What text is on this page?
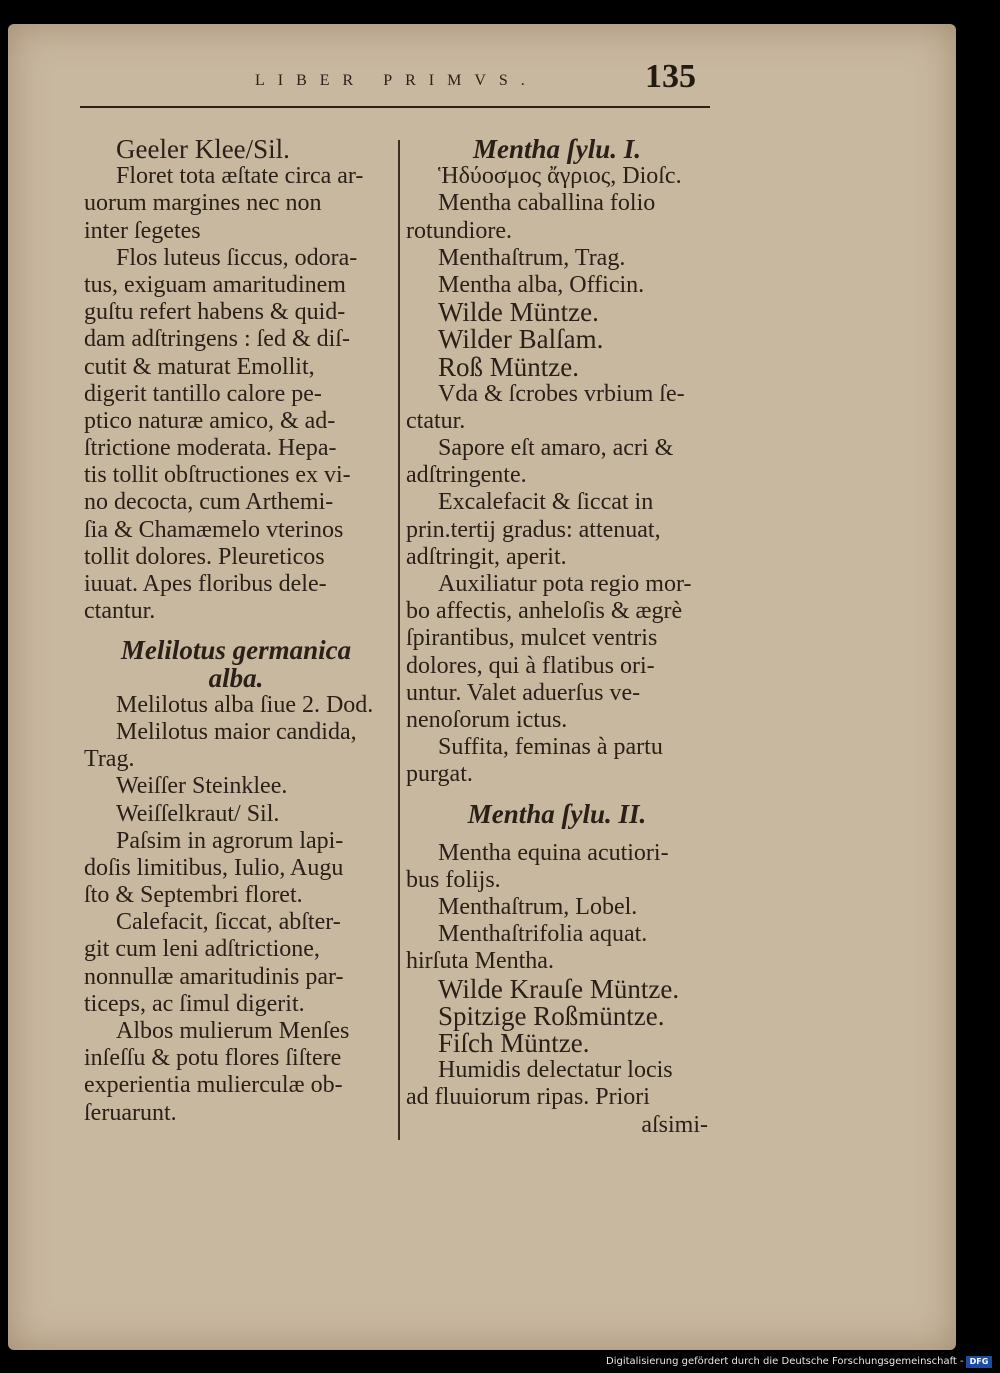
LIBER PRIMVS.	135
Geeler Klee/Sil.
Floret tota æſtate circa ar-
uorum margines nec non
inter ſegetes
Flos luteus ſiccus, odora-
tus, exiguam amaritudinem
guſtu refert habens & quid-
dam adſtringens : ſed & diſ-
cutit & maturat Emollit,
digerit tantillo calore pe-
ptico naturæ amico, & ad-
ſtrictione moderata. Hepa-
tis tollit obſtructiones ex vi-
no decocta, cum Arthemi-
ſia & Chamæmelo vterinos
tollit dolores. Pleureticos
iuuat. Apes floribus dele-
ctantur.
Melilotus germanica
alba.
Melilotus alba ſiue 2. Dod.
Melilotus maior candida,
Trag.
Weiſſer Steinklee.
Weiſſelkraut/ Sil.
Paſsim in agrorum lapi-
doſis limitibus, Iulio, Augu
ſto & Septembri floret.
Calefacit, ſiccat, abſter-
git cum leni adſtrictione,
nonnullæ amaritudinis par-
ticeps, ac ſimul digerit.
Albos mulierum Menſes
inſeſſu & potu flores ſiſtere
experientia mulierculæ ob-
ſeruarunt.
Mentha ſylu. I.
Ἡδύοσμος ἄγριος, Dioſc.
Mentha caballina folio
rotundiore.
Menthaſtrum, Trag.
Mentha alba, Officin.
Wilde Müntze.
Wilder Balſam.
Roß Müntze.
Vda & ſcrobes vrbium ſe-
ctatur.
Sapore eſt amaro, acri &
adſtringente.
Excalefacit & ſiccat in
prin.tertij gradus: attenuat,
adſtringit, aperit.
Auxiliatur pota regio mor-
bo affectis, anheloſis & ægrè
ſpirantibus, mulcet ventris
dolores, qui à flatibus ori-
untur. Valet aduerſus ve-
nenoſorum ictus.
Suffita, feminas à partu
purgat.
Mentha ſylu. II.
Mentha equina acutiori-
bus folijs.
Menthaſtrum, Lobel.
Menthaſtrifolia aquat.
hirſuta Mentha.
Wilde Krauſe Müntze.
Spitzige Roßmüntze.
Fiſch Müntze.
Humidis delectatur locis
ad fluuiorum ripas. Priori
aſsimi-
Digitalisierung gefördert durch die Deutsche Forschungsgemeinschaft - DFG
